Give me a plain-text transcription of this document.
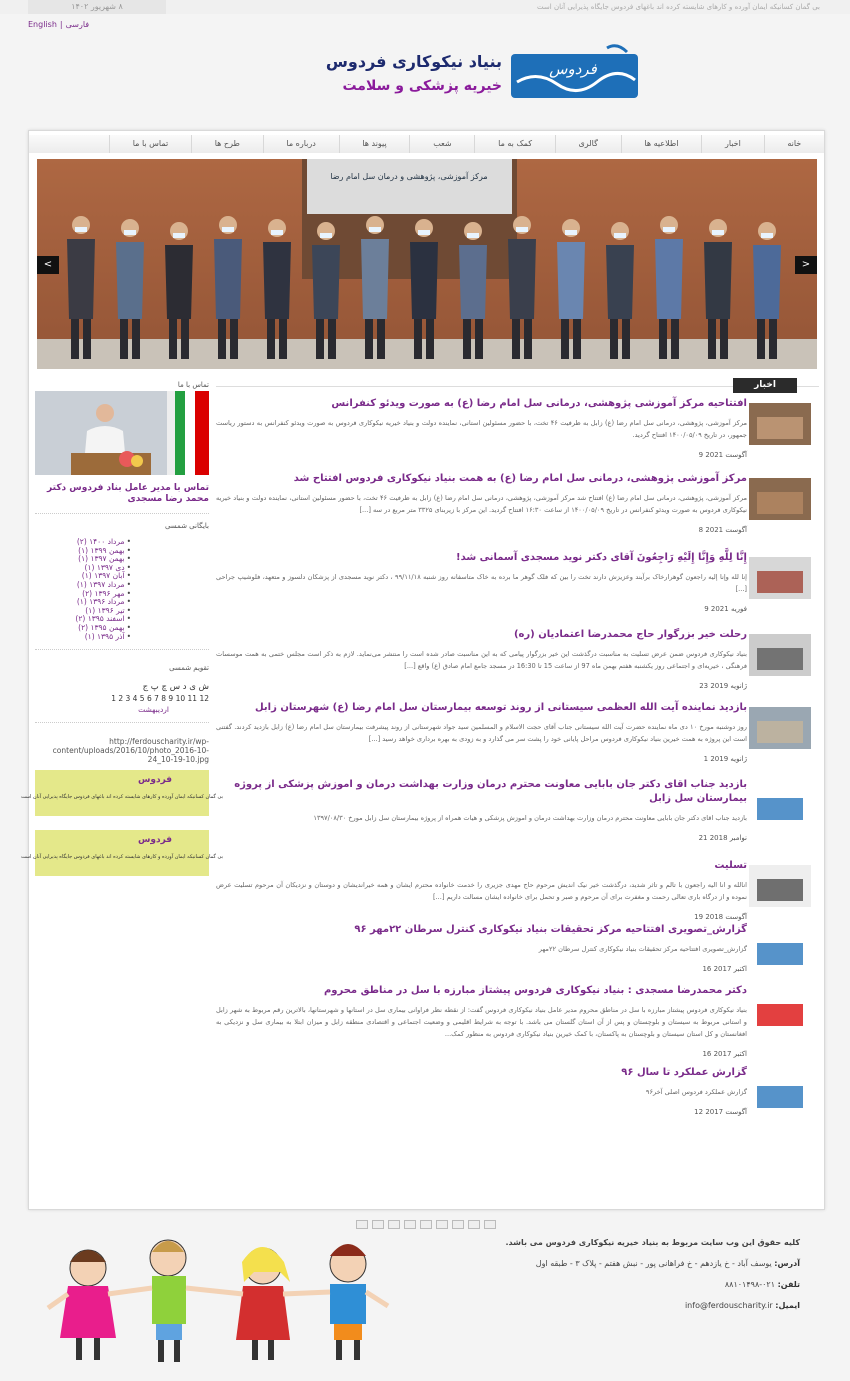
۸ شهریور ۱۴۰۲	بی گمان کسانیکه ایمان آورده و کارهای شایسته کرده اند باغهای فردوس جایگاه پذیرایی آنان است
English | فارسی
فردوس
بنیاد نیکوکاری فردوس
خیریه پزشکی و سلامت
خانه
اخبار
اطلاعیه ها
گالری
کمک به ما
شعب
پیوند ها
درباره ما
طرح ها
تماس با ما
مرکز آموزشی، پژوهشی و درمان سل امام رضا
<	>
تماس با ما
تماس با مدیر عامل بناد فردوس دکتر محمد رضا مسجدی
بایگانی شمسی
• مرداد ۱۴۰۰ (۲)
• بهمن ۱۳۹۹ (۱)
• بهمن ۱۳۹۷ (۱)
• دی ۱۳۹۷ (۱)
• آبان ۱۳۹۷ (۱)
• مرداد ۱۳۹۷ (۱)
• مهر ۱۳۹۶ (۲)
• مرداد ۱۳۹۶ (۱)
• تیر ۱۳۹۶ (۱)
• اسفند ۱۳۹۵ (۲)
• بهمن ۱۳۹۵ (۲)
• آذر ۱۳۹۵ (۱)
تقویم شمسی
ش ی د س چ پ ج
1 2 3 4 5 6 7 8 9 10 11 12
اردیبهشت
http://ferdouscharity.ir/wp-content/uploads/2016/10/photo_2016-10-24_10-19-10.jpg
فردوس
بی گمان کسانیکه ایمان آورده و کارهای شایسته کرده اند باغهای فردوس جایگاه پذیرایی آنان است
فردوس
بی گمان کسانیکه ایمان آورده و کارهای شایسته کرده اند باغهای فردوس جایگاه پذیرایی آنان است
اخبار
افتتاحیه مرکز آموزشی پژوهشی، درمانی سل امام رضا (ع) به صورت ویدئو کنفرانس
مرکز آموزشی، پژوهشی، درمانی سل امام رضا (ع) زابل به ظرفیت ۴۶ تخت، با حضور مسئولین استانی، نماینده دولت و بنیاد خیریه نیکوکاری فردوس به صورت ویدئو کنفرانس به دستور ریاست جمهور، در تاریخ ۱۴۰۰/۰۵/۰۹ افتتاح گردید.
9 آگوست 2021
مرکز آموزشی پژوهشی، درمانی سل امام رضا (ع) به همت بنیاد نیکوکاری فردوس افتتاح شد
مرکز آموزشی، پژوهشی، درمانی سل امام رضا (ع) افتتاح شد مرکز آموزشی، پژوهشی، درمانی سل امام رضا (ع) زابل به ظرفیت ۴۶ تخت، با حضور مسئولین استانی، نماینده دولت و بنیاد خیریه نیکوکاری فردوس به صورت ویدئو کنفرانس در تاریخ ۱۴۰۰/۰۵/۰۹ از ساعت ۱۶:۳۰ افتتاح گردید. این مرکز با زیربنای ۳۳۲۵ متر مربع در سه [...]
8 آگوست 2021
إِنَّا لِلَّهِ وَإِنَّا إِلَيْهِ رَاجِعُونَ آقای دکتر نوید مسجدی آسمانی شد!
إنا لله وإنا إليه راجعون گوهرارخاک برآیند وعزیزش دارند تخت را بین که فلک گوهر ما برده به خاک متاسفانه روز شنبه ۹۹/۱۱/۱۸ ، دکتر نوید مسجدی از پزشکان دلسوز و متعهد، فلوشیپ جراحی [...]
9 فوریه 2021
رحلت خیر بزرگوار حاج محمدرضا اعتمادیان (ره)
بنیاد نیکوکاری فردوس ضمن عرض تسلیت به مناسبت درگذشت این خیر بزرگوار پیامی که به این مناسبت صادر شده است را منتشر می‌نماید. لازم به ذکر است مجلس ختمی به همت موسسات فرهنگی ، خیریه‌ای و اجتماعی روز یکشنبه هفتم بهمن ماه 97 از ساعت 15 تا 16:30 در مسجد جامع امام صادق (ع) واقع [...]
23 ژانویه 2019
بازدید نماینده آیت الله العظمی سیستانی از روند توسعه بیمارستان سل امام رضا (ع) شهرستان زابل
روز دوشنبه مورخ ۱۰ دی ماه نماینده حضرت آیت الله سیستانی جناب آقای حجت الاسلام و المسلمین سید جواد شهرستانی از روند پیشرفت بیمارستان سل امام رضا (ع) زابل بازدید کردند. گفتنی است این پروژه به همت خیرین بنیاد نیکوکاری فردوس مراحل پایانی خود را پشت سر می گذارد و به زودی به بهره برداری خواهد رسید [...]
1 ژانویه 2019
بازدید جناب اقای دکتر جان بابایی معاونت محترم درمان وزارت بهداشت درمان و اموزش پزشکی از پروژه بیمارستان سل زابل
بازدید جناب اقای دکتر جان بابایی معاونت محترم درمان وزارت بهداشت درمان و اموزش پزشکی و هیات همراه از پروژه بیمارستان سل زابل مورخ ۱۳۹۷/۰۸/۳۰
21 نوامبر 2018
تسلیت
انالله و انا الیه راجعون با تالم و تاثر شدید، درگذشت خیر نیک اندیش مرحوم حاج مهدی جزیری را خدمت خانواده محترم ایشان و همه خیراندیشان و دوستان و نزدیکان آن مرحوم تسلیت عرض نموده و از درگاه باری تعالی رحمت و مغفرت برای آن مرحوم و صبر و تحمل برای خانواده ایشان مسالت داریم [...]
19 آگوست 2018
گزارش_تصویری افتتاحیه مرکز تحقیقات بنیاد نیکوکاری کنترل سرطان ۲۲مهر ۹۶
گزارش_تصویری افتتاحیه مرکز تحقیقات بنیاد نیکوکاری کنترل سرطان ۲۲مهر
16 اکتبر 2017
دکتر محمدرضا مسجدی : بنیاد نیکوکاری فردوس پیشتاز مبارزه با سل در مناطق محروم
بنیاد نیکوکاری فردوس پیشتاز مبارزه با سل در مناطق محروم مدیر عامل بنیاد نیکوکاری فردوس گفت: از نقطه نظر فراوانی بیماری سل در استانها و شهرستانها، بالاترین رقم مربوط به شهر زابل و استانی مربوط به سیستان و بلوچستان و پس از آن استان گلستان می باشد. با توجه به شرایط اقلیمی و وضعیت اجتماعی و اقتصادی منطقه زابل و میزان ابتلا به بیماری سل و نزدیکی به افغانستان و کل استان سیستان و بلوچستان به پاکستان، با کمک خیرین بنیاد نیکوکاری فردوس به منظور کمک...
16 اکتبر 2017
گزارش عملکرد تا سال ۹۶
گزارش عملکرد فردوس اصلی آخر۹۶
12 آگوست 2017
کلیه حقوق این وب سایت مربوط به بنیاد خیریه نیکوکاری فردوس می باشد.
آدرس: یوسف آباد - خ یازدهم - خ فراهانی پور - نبش هفتم - پلاک ۳ - طبقه اول
تلفن: ۰۲۱-۸۸۱۰۱۴۹۸
ایمیل: info@ferdouscharity.ir
